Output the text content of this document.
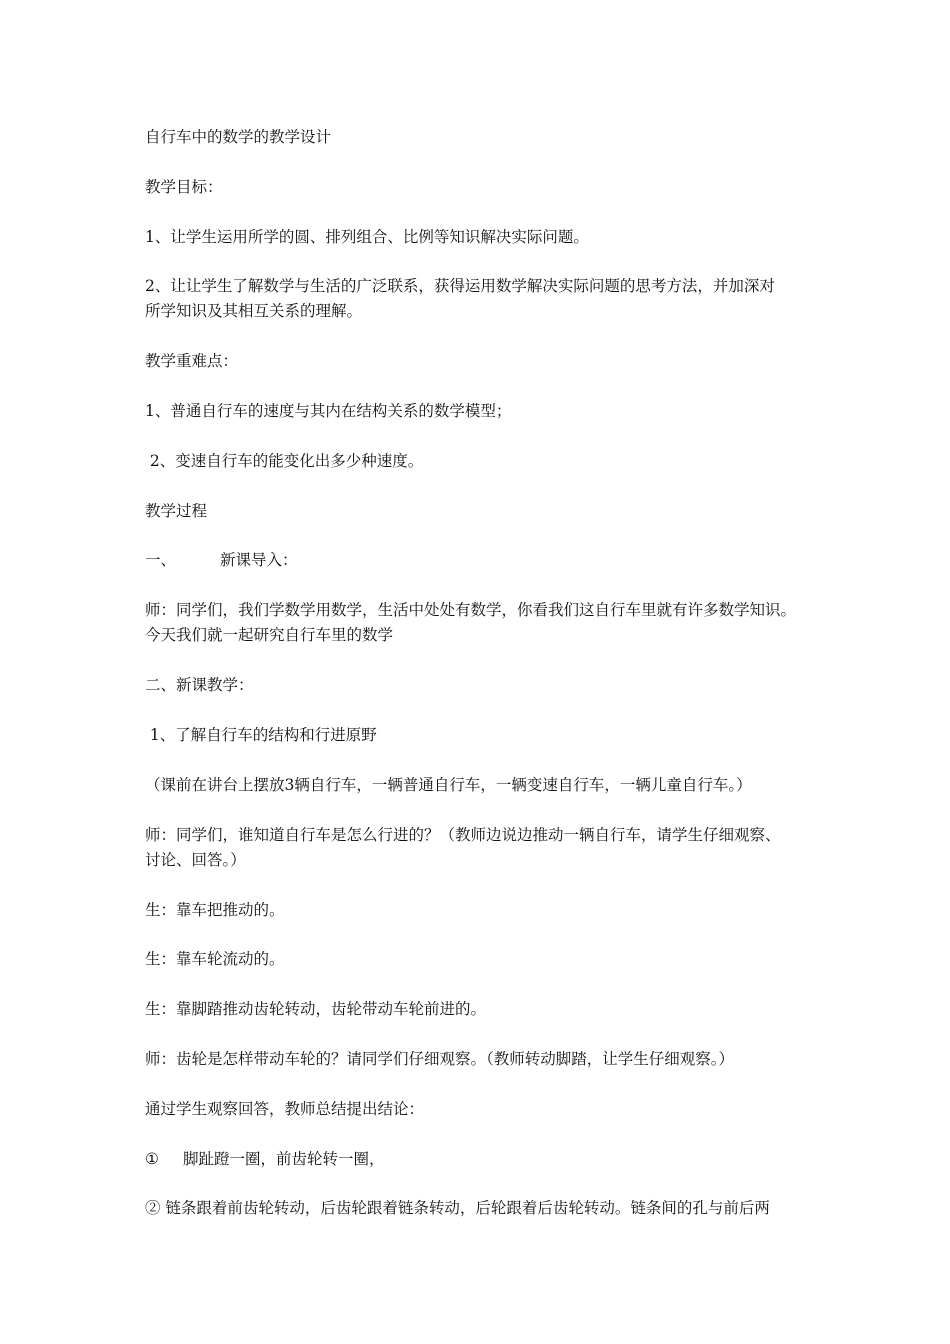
自行车中的数学的教学设计
教学目标：
1、让学生运用所学的圆、排列组合、比例等知识解决实际问题。
2、让让学生了解数学与生活的广泛联系，获得运用数学解决实际问题的思考方法，并加深对
所学知识及其相互关系的理解。
教学重难点：
1、普通自行车的速度与其内在结构关系的数学模型；
2、变速自行车的能变化出多少种速度。
教学过程
一、	新课导入：
师：同学们，我们学数学用数学，生活中处处有数学，你看我们这自行车里就有许多数学知识。
今天我们就一起研究自行车里的数学
二、新课教学：
1、了解自行车的结构和行进原野
（课前在讲台上摆放3辆自行车，一辆普通自行车，一辆变速自行车，一辆儿童自行车。）
师：同学们，谁知道自行车是怎么行进的？（教师边说边推动一辆自行车，请学生仔细观察、
讨论、回答。）
生：靠车把推动的。
生：靠车轮流动的。
生：靠脚踏推动齿轮转动，齿轮带动车轮前进的。
师：齿轮是怎样带动车轮的？请同学们仔细观察。（教师转动脚踏，让学生仔细观察。）
通过学生观察回答，教师总结提出结论：
① 脚趾蹬一圈，前齿轮转一圈，
② 链条跟着前齿轮转动，后齿轮跟着链条转动，后轮跟着后齿轮转动。链条间的孔与前后两
